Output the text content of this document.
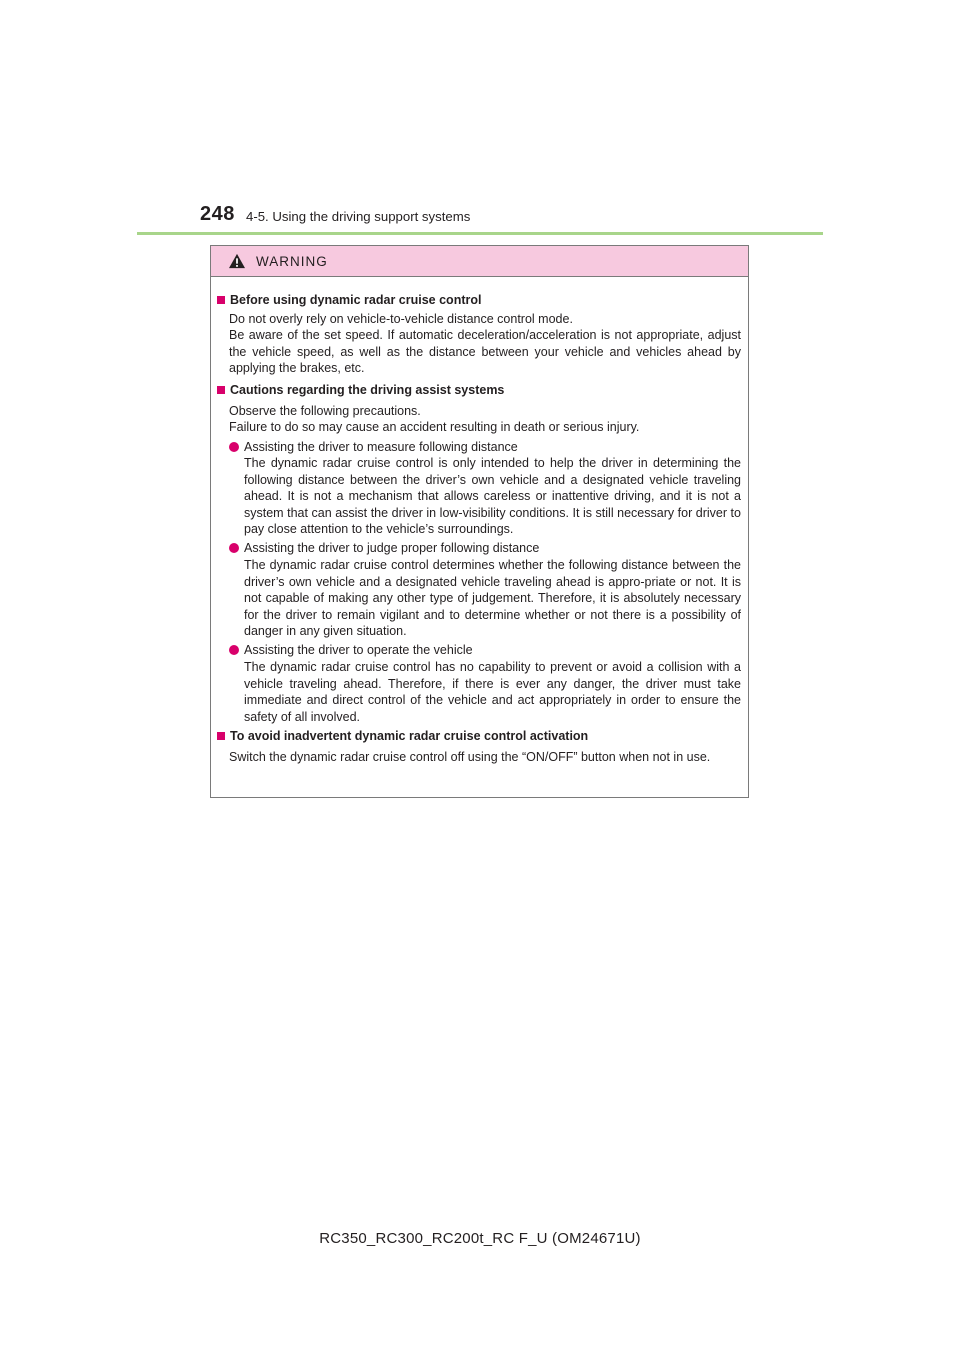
248 4-5. Using the driving support systems
WARNING
Before using dynamic radar cruise control
Do not overly rely on vehicle-to-vehicle distance control mode.
Be aware of the set speed. If automatic deceleration/acceleration is not appropriate, adjust the vehicle speed, as well as the distance between your vehicle and vehicles ahead by applying the brakes, etc.
Cautions regarding the driving assist systems
Observe the following precautions.
Failure to do so may cause an accident resulting in death or serious injury.
Assisting the driver to measure following distance
The dynamic radar cruise control is only intended to help the driver in determining the following distance between the driver’s own vehicle and a designated vehicle traveling ahead. It is not a mechanism that allows careless or inattentive driving, and it is not a system that can assist the driver in low-visibility conditions. It is still necessary for driver to pay close attention to the vehicle’s surroundings.
Assisting the driver to judge proper following distance
The dynamic radar cruise control determines whether the following distance between the driver’s own vehicle and a designated vehicle traveling ahead is appro-priate or not. It is not capable of making any other type of judgement. Therefore, it is absolutely necessary for the driver to remain vigilant and to determine whether or not there is a possibility of danger in any given situation.
Assisting the driver to operate the vehicle
The dynamic radar cruise control has no capability to prevent or avoid a collision with a vehicle traveling ahead. Therefore, if there is ever any danger, the driver must take immediate and direct control of the vehicle and act appropriately in order to ensure the safety of all involved.
To avoid inadvertent dynamic radar cruise control activation
Switch the dynamic radar cruise control off using the “ON/OFF” button when not in use.
RC350_RC300_RC200t_RC F_U (OM24671U)
